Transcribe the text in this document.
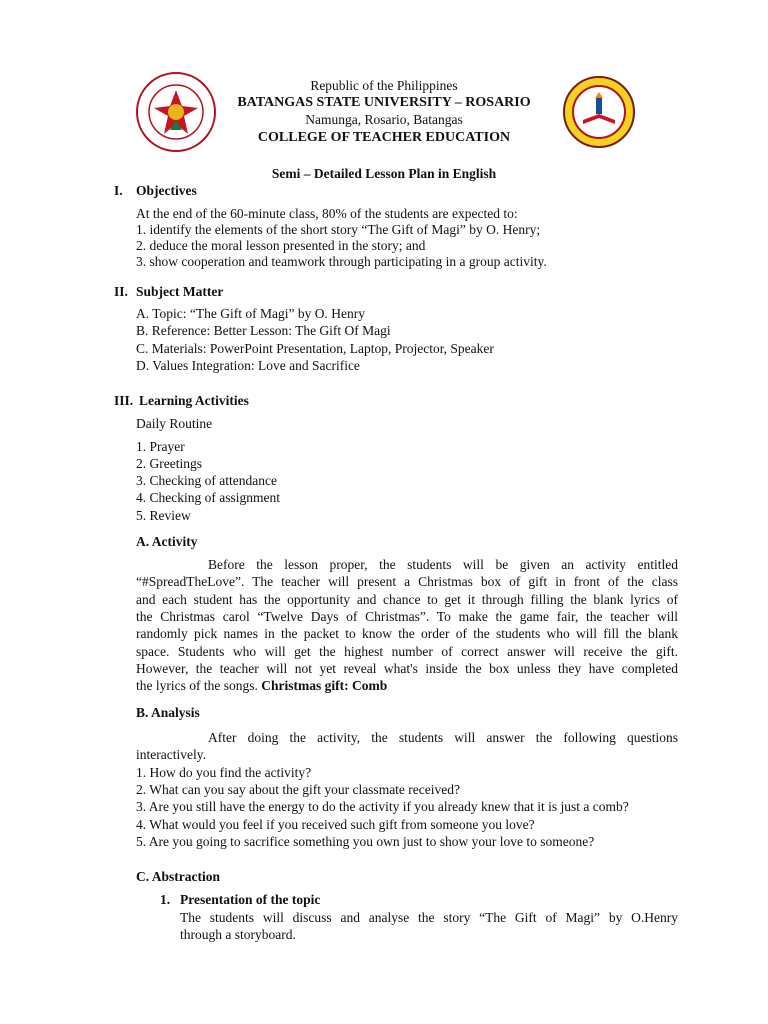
Republic of the Philippines
BATANGAS STATE UNIVERSITY – ROSARIO
Namunga, Rosario, Batangas
COLLEGE OF TEACHER EDUCATION
Semi – Detailed Lesson Plan in English
I. Objectives
At the end of the 60-minute class, 80% of the students are expected to:
1. identify the elements of the short story “The Gift of Magi” by O. Henry;
2. deduce the moral lesson presented in the story; and
3. show cooperation and teamwork through participating in a group activity.
II. Subject Matter
A. Topic: “The Gift of Magi” by O. Henry
B. Reference: Better Lesson: The Gift Of Magi
C. Materials: PowerPoint Presentation, Laptop, Projector, Speaker
D. Values Integration: Love and Sacrifice
III. Learning Activities
Daily Routine
1. Prayer
2. Greetings
3. Checking of attendance
4. Checking of assignment
5. Review
A. Activity
Before the lesson proper, the students will be given an activity entitled
“#SpreadTheLove”. The teacher will present a Christmas box of gift in front of the class
and each student has the opportunity and chance to get it through filling the blank lyrics of
the Christmas carol “Twelve Days of Christmas”. To make the game fair, the teacher will
randomly pick names in the packet to know the order of the students who will fill the blank
space. Students who will get the highest number of correct answer will receive the gift.
However, the teacher will not yet reveal what's inside the box unless they have completed
the lyrics of the songs. Christmas gift: Comb
B. Analysis
After doing the activity, the students will answer the following questions
interactively.
1. How do you find the activity?
2. What can you say about the gift your classmate received?
3. Are you still have the energy to do the activity if you already knew that it is just a comb?
4. What would you feel if you received such gift from someone you love?
5. Are you going to sacrifice something you own just to show your love to someone?
C. Abstraction
1. Presentation of the topic
The students will discuss and analyse the story “The Gift of Magi” by O.Henry
through a storyboard.
